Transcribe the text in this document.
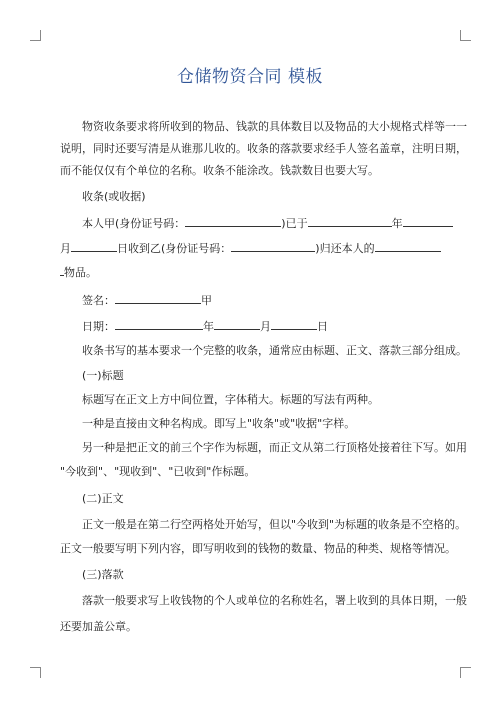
仓储物资合同 模板
物资收条要求将所收到的物品、钱款的具体数目以及物品的大小规格式样等一一
说明，同时还要写清是从谁那儿收的。收条的落款要求经手人签名盖章，注明日期，
而不能仅仅有个单位的名称。收条不能涂改。钱款数目也要大写。
收条(或收据)
本人甲(身份证号码：	)已于	年
月	日收到乙(身份证号码：	)归还本人的
物品。
签名：	甲
日期：	年	月	日
收条书写的基本要求一个完整的收条，通常应由标题、正文、落款三部分组成。
(一)标题
标题写在正文上方中间位置，字体稍大。标题的写法有两种。
一种是直接由文种名构成。即写上"收条"或"收据"字样。
另一种是把正文的前三个字作为标题，而正文从第二行顶格处接着往下写。如用
"今收到"、"现收到"、"已收到"作标题。
(二)正文
正文一般是在第二行空两格处开始写，但以"今收到"为标题的收条是不空格的。
正文一般要写明下列内容，即写明收到的钱物的数量、物品的种类、规格等情况。
(三)落款
落款一般要求写上收钱物的个人或单位的名称姓名，署上收到的具体日期，一般
还要加盖公章。
